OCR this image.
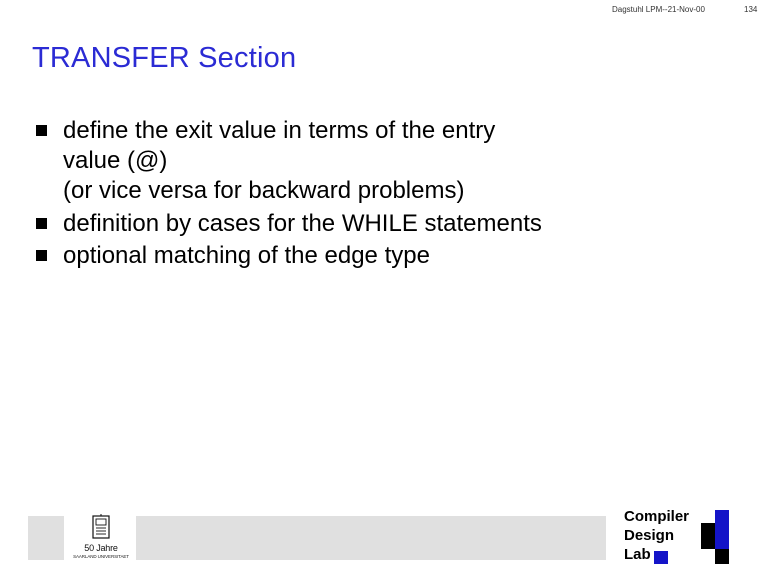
Dagstuhl LPM--21-Nov-00	134
TRANSFER Section
define the exit value in terms of the entry
value (@)
(or vice versa for backward problems)
definition by cases for the WHILE statements
optional matching of the edge type
50 Jahre
SAARLAND UNIVERSITAET
Compiler
Design
Lab
